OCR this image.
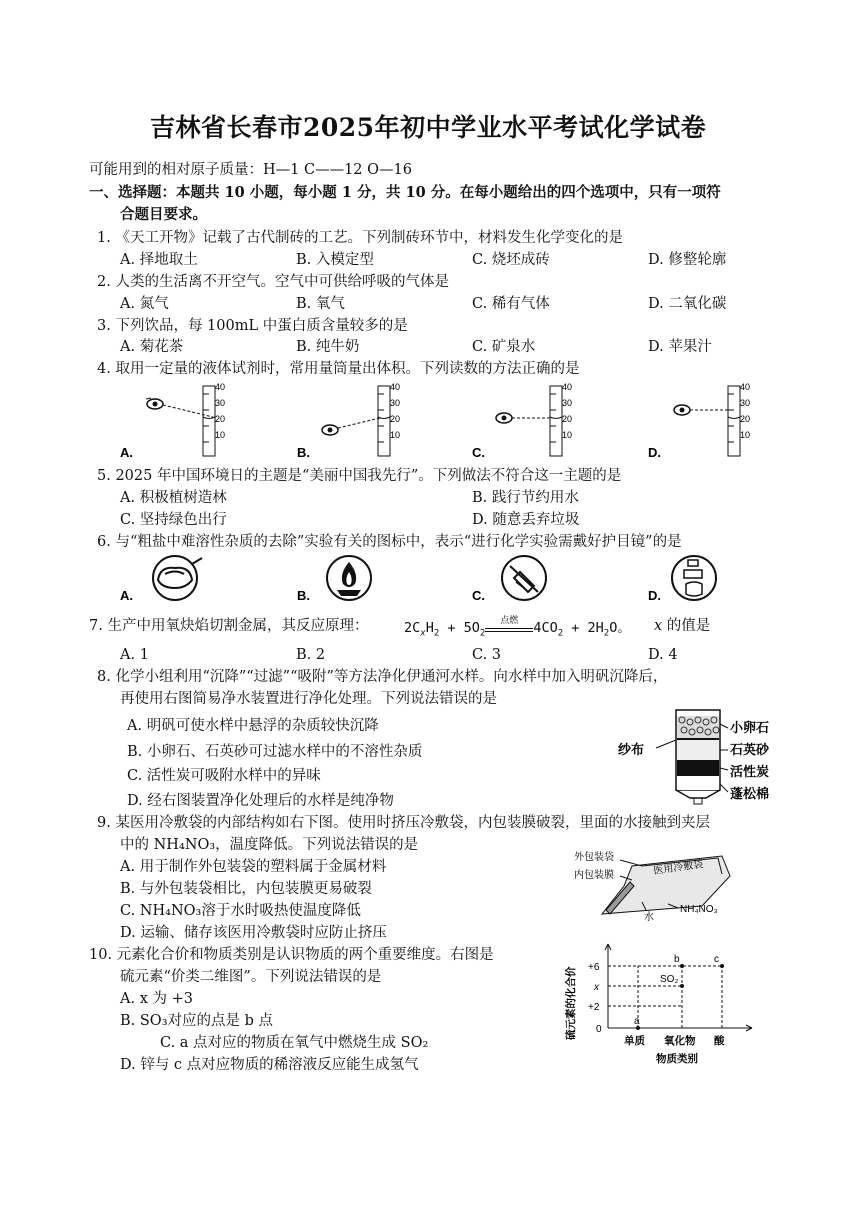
吉林省长春市2025年初中学业水平考试化学试卷
可能用到的相对原子质量：H—1 C——12 O—16
一、选择题：本题共 10 小题，每小题 1 分，共 10 分。在每小题给出的四个选项中，只有一项符
合题目要求。
1. 《天工开物》记载了古代制砖的工艺。下列制砖环节中，材料发生化学变化的是
A. 择地取土	B. 入模定型	C. 烧坯成砖	D. 修整轮廓
2. 人类的生活离不开空气。空气中可供给呼吸的气体是
A. 氮气	B. 氧气	C. 稀有气体	D. 二氧化碳
3. 下列饮品，每 100mL 中蛋白质含量较多的是
A. 菊花茶	B. 纯牛奶	C. 矿泉水	D. 苹果汁
4. 取用一定量的液体试剂时，常用量筒量出体积。下列读数的方法正确的是
A.
40
30
20
10
B.
40
30
20
10
C.
40
30
20
10
D.
40
30
20
10
5. 2025 年中国环境日的主题是“美丽中国我先行”。下列做法不符合这一主题的是
A. 积极植树造林	B. 践行节约用水
C. 坚持绿色出行	D. 随意丢弃垃圾
6. 与“粗盐中难溶性杂质的去除”实验有关的图标中，表示“进行化学实验需戴好护目镜”的是
A.	B.	C.	D.
7. 生产中用氧炔焰切割金属，其反应原理：	$2C_xH_2 + 5O_2$
点燃	$4CO_2 + 2H_2O$。 x 的值是
A. 1	B. 2	C. 3	D. 4
8. 化学小组利用“沉降”“过滤”“吸附”等方法净化伊通河水样。向水样中加入明矾沉降后，
再使用右图简易净水装置进行净化处理。下列说法错误的是
A. 明矾可使水样中悬浮的杂质较快沉降
B. 小卵石、石英砂可过滤水样中的不溶性杂质
C. 活性炭可吸附水样中的异味
D. 经右图装置净化处理后的水样是纯净物
纱布
小卵石
石英砂
活性炭
蓬松棉
9. 某医用冷敷袋的内部结构如右下图。使用时挤压冷敷袋，内包装膜破裂，里面的水接触到夹层
中的 NH₄NO₃，温度降低。下列说法错误的是
A. 用于制作外包装袋的塑料属于金属材料
B. 与外包装袋相比，内包装膜更易破裂
C. NH₄NO₃溶于水时吸热使温度降低
D. 运输、储存该医用冷敷袋时应防止挤压
医用冷敷袋
外包装袋
内包装膜
水
NH₄NO₃
10. 元素化合价和物质类别是认识物质的两个重要维度。右图是
硫元素“价类二维图”。下列说法错误的是
A. x 为 +3
B. SO₃对应的点是 b 点
C. a 点对应的物质在氧气中燃烧生成 SO₂
D. 锌与 c 点对应物质的稀溶液反应能生成氢气
硫元素的化合价 +6
x
+2
0
a
b	c
SO₂
单质 氧化物 酸
物质类别
